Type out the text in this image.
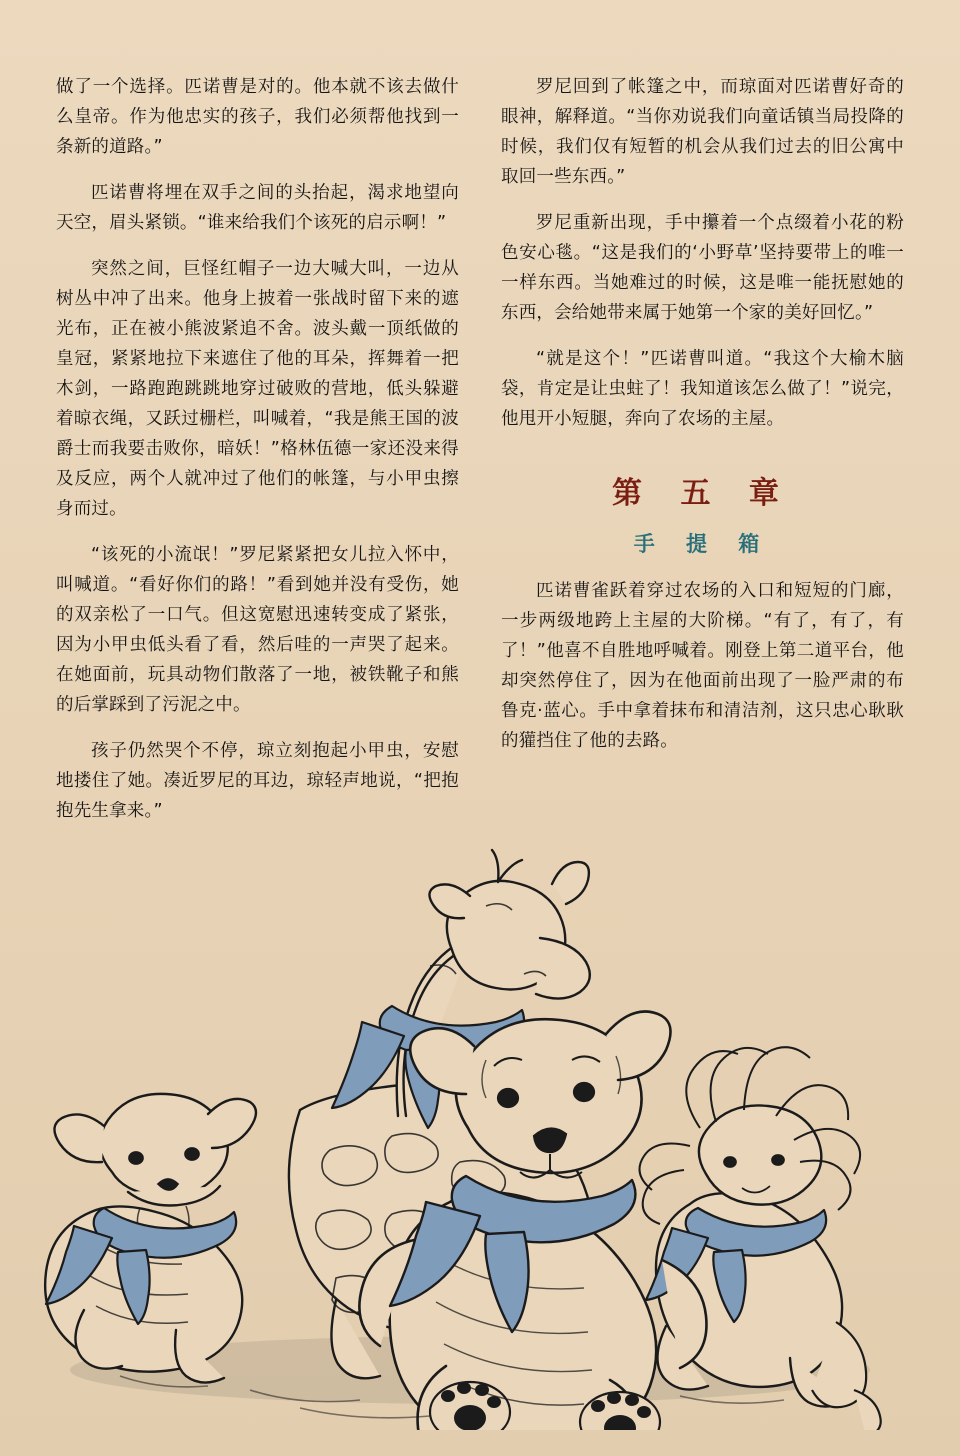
做了一个选择。匹诺曹是对的。他本就不该去做什么皇帝。作为他忠实的孩子，我们必须帮他找到一条新的道路。”

匹诺曹将埋在双手之间的头抬起，渴求地望向天空，眉头紧锁。“谁来给我们个该死的启示啊！”

突然之间，巨怪红帽子一边大喊大叫，一边从树丛中冲了出来。他身上披着一张战时留下来的遮光布，正在被小熊波紧追不舍。波头戴一顶纸做的皇冠，紧紧地拉下来遮住了他的耳朵，挥舞着一把木剑，一路跑跑跳跳地穿过破败的营地，低头躲避着晾衣绳，又跃过栅栏，叫喊着，“我是熊王国的波爵士而我要击败你，暗妖！”格林伍德一家还没来得及反应，两个人就冲过了他们的帐篷，与小甲虫擦身而过。

“该死的小流氓！”罗尼紧紧把女儿拉入怀中，叫喊道。“看好你们的路！”看到她并没有受伤，她的双亲松了一口气。但这宽慰迅速转变成了紧张，因为小甲虫低头看了看，然后哇的一声哭了起来。在她面前，玩具动物们散落了一地，被铁靴子和熊的后掌踩到了污泥之中。

孩子仍然哭个不停，琼立刻抱起小甲虫，安慰地搂住了她。凑近罗尼的耳边，琼轻声地说，“把抱抱先生拿来。”

罗尼回到了帐篷之中，而琼面对匹诺曹好奇的眼神，解释道。“当你劝说我们向童话镇当局投降的时候，我们仅有短暂的机会从我们过去的旧公寓中取回一些东西。”

罗尼重新出现，手中攥着一个点缀着小花的粉色安心毯。“这是我们的‘小野草’坚持要带上的唯一一样东西。当她难过的时候，这是唯一能抚慰她的东西，会给她带来属于她第一个家的美好回忆。”

“就是这个！”匹诺曹叫道。“我这个大榆木脑袋，肯定是让虫蛀了！我知道该怎么做了！”说完，他甩开小短腿，奔向了农场的主屋。

第 五 章
手 提 箱

匹诺曹雀跃着穿过农场的入口和短短的门廊，一步两级地跨上主屋的大阶梯。“有了，有了，有了！”他喜不自胜地呼喊着。刚登上第二道平台，他却突然停住了，因为在他面前出现了一脸严肃的布鲁克·蓝心。手中拿着抹布和清洁剂，这只忠心耿耿的獾挡住了他的去路。
